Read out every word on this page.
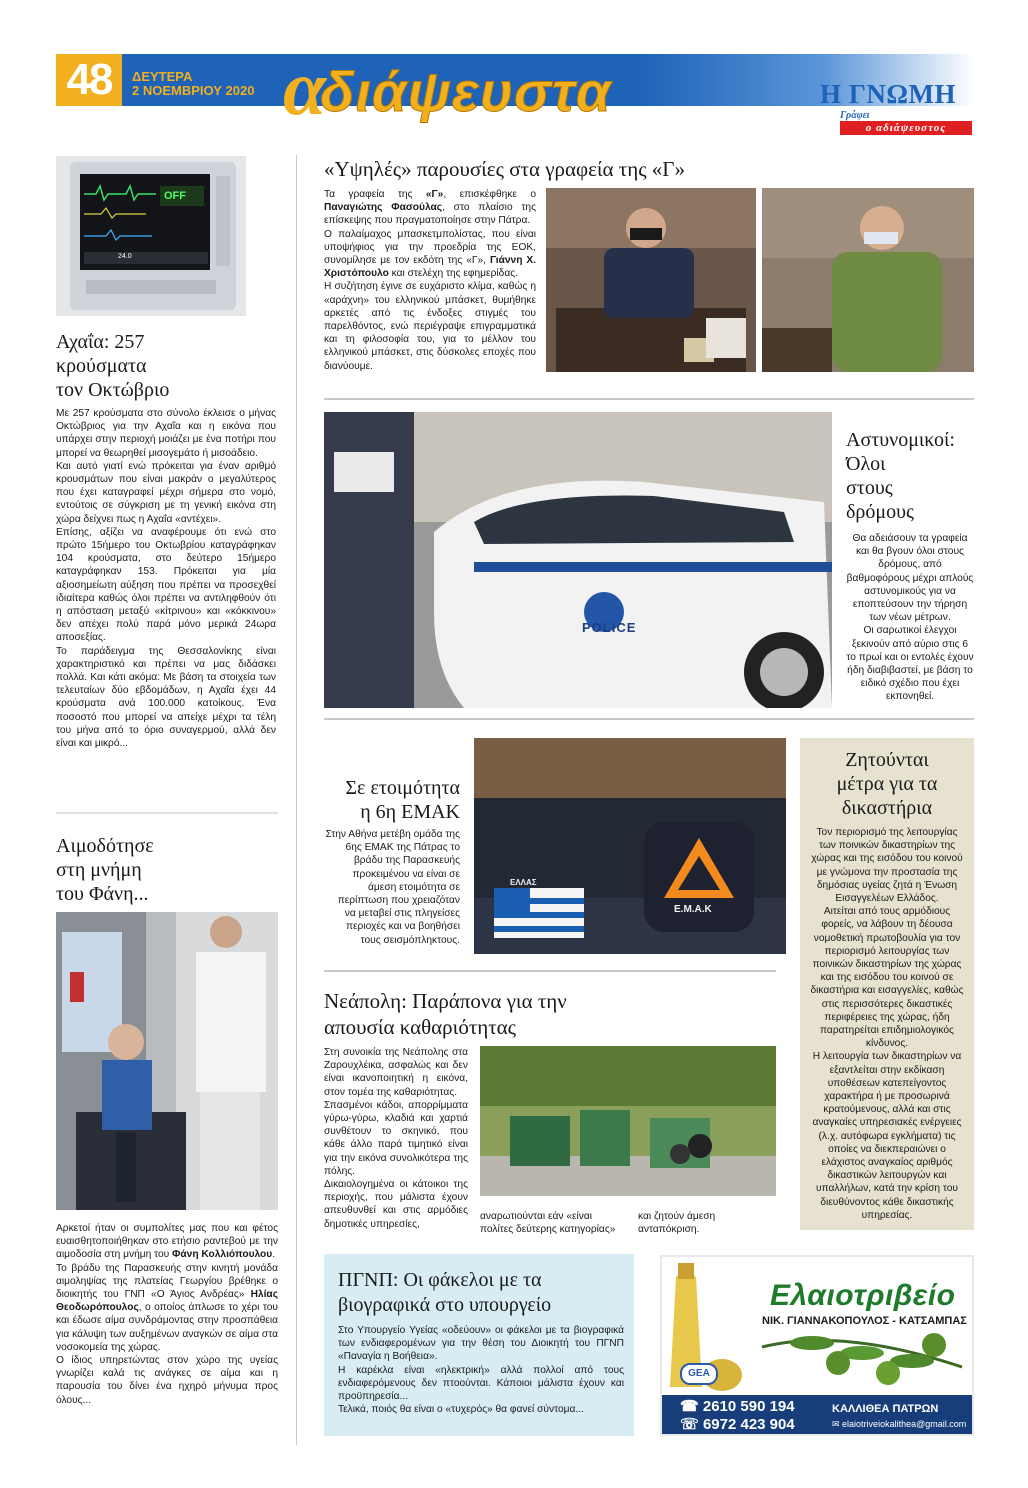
48	ΔΕΥΤΕΡΑ
2 ΝΟΕΜΒΡΙΟΥ 2020 α
διάψευστα	Η ΓΝΩΜΗ
Γράφει
ο αδιάψευστος
OFF
24.0
Αχαΐα: 257
κρούσματα
τον Οκτώβριο

Με 257 κρούσματα στο σύνολο έκλεισε ο μήνας Οκτώβριος για την Αχαΐα και η εικόνα που υπάρχει στην περιοχή μοιάζει με ένα ποτήρι που μπορεί να θεωρηθεί μισογεμάτο ή μισοάδειο.

Και αυτό γιατί ενώ πρόκειται για έναν αριθμό κρουσμάτων που είναι μακράν ο μεγαλύτερος που έχει καταγραφεί μέχρι σήμερα στο νομό, εντούτοις σε σύγκριση με τη γενική εικόνα στη χώρα δείχνει πως η Αχαΐα «αντέχει».

Επίσης, αξίζει να αναφέρουμε ότι ενώ στο πρώτο 15ήμερο του Οκτωβρίου καταγράφηκαν 104 κρούσματα, στο δεύτερο 15ήμερο καταγράφηκαν 153. Πρόκειται για μία αξιοσημείωτη αύξηση που πρέπει να προσεχθεί ιδιαίτερα καθώς όλοι πρέπει να αντιληφθούν ότι η απόσταση μεταξύ «κίτρινου» και «κόκκινου» δεν απέχει πολύ παρά μόνο μερικά 24ωρα αποσεξίας.

Το παράδειγμα της Θεσσαλονίκης είναι χαρακτηριστικό και πρέπει να μας διδάσκει πολλά. Και κάτι ακόμα: Με βάση τα στοιχεία των τελευταίων δύο εβδομάδων, η Αχαΐα έχει 44 κρούσματα ανά 100.000 κατοίκους. Ένα ποσοστό που μπορεί να απείχε μέχρι τα τέλη του μήνα από το όριο συναγερμού, αλλά δεν είναι και μικρό...

Αιμοδότησε
στη μνήμη
του Φάνη...

Αρκετοί ήταν οι συμπολίτες μας που και φέτος ευαισθητοποιήθηκαν στο ετήσιο ραντεβού με την αιμοδοσία στη μνήμη του Φάνη Κολλιόπουλου.

Το βράδυ της Παρασκευής στην κινητή μονάδα αιμοληψίας της πλατείας Γεωργίου βρέθηκε ο διοικητής του ΓΝΠ «Ο Άγιος Ανδρέας» Ηλίας Θεοδωρόπουλος, ο οποίος άπλωσε το χέρι του και έδωσε αίμα συνδράμοντας στην προσπάθεια για κάλυψη των αυξημένων αναγκών σε αίμα στα νοσοκομεία της χώρας.

Ο ίδιος υπηρετώντας στον χώρο της υγείας γνωρίζει καλά τις ανάγκες σε αίμα και η παρουσία του δίνει ένα ηχηρό μήνυμα προς όλους...

«Υψηλές» παρουσίες στα γραφεία της «Γ»

Τα γραφεία της «Γ», επισκέφθηκε ο Παναγιώτης Φασούλας, στο πλαίσιο της επίσκεψης που πραγματοποίησε στην Πάτρα.

Ο παλαίμαχος μπασκετμπολίστας, που είναι υποψήφιος για την προεδρία της ΕΟΚ, συνομίλησε με τον εκδότη της «Γ», Γιάννη Χ. Χριστόπουλο και στελέχη της εφημερίδας.

Η συζήτηση έγινε σε ευχάριστο κλίμα, καθώς η «αράχνη» του ελληνικού μπάσκετ, θυμήθηκε αρκετές από τις ένδοξες στιγμές του παρελθόντος, ενώ περιέγραψε επιγραμματικά και τη φιλοσοφία του, για το μέλλον του ελληνικού μπάσκετ, στις δύσκολες εποχές που διανύουμε.

POLICE
Αστυνομικοί:
Όλοι
στους
δρόμους

Θα αδειάσουν τα γραφεία και θα βγουν όλοι στους δρόμους, από βαθμοφόρους μέχρι απλούς αστυνομικούς για να εποπτεύσουν την τήρηση των νέων μέτρων.

Οι σαρωτικοί έλεγχοι ξεκινούν από αύριο στις 6 το πρωί και οι εντολές έχουν ήδη διαβιβαστεί, με βάση το ειδικό σχέδιο που έχει εκπονηθεί.

Σε ετοιμότητα
η 6η ΕΜΑΚ

Στην Αθήνα μετέβη ομάδα της 6ης ΕΜΑΚ της Πάτρας το βράδυ της Παρασκευής προκειμένου να είναι σε άμεση ετοιμότητα σε περίπτωση που χρειαζόταν να μεταβεί στις πληγείσες περιοχές και να βοηθήσει τους σεισμόπληκτους.

Ε.Μ.Α.Κ
ΕΛΛΑΣ
Ζητούνται
μέτρα για τα
δικαστήρια

Τον περιορισμό της λειτουργίας των ποινικών δικαστηρίων της χώρας και της εισόδου του κοινού με γνώμονα την προστασία της δημόσιας υγείας ζητά η Ένωση Εισαγγελέων Ελλάδος.

Αιτείται από τους αρμόδιους φορείς, να λάβουν τη δέουσα νομοθετική πρωτοβουλία για τον περιορισμό λειτουργίας των ποινικών δικαστηρίων της χώρας και της εισόδου του κοινού σε δικαστήρια και εισαγγελίες, καθώς στις περισσότερες δικαστικές περιφέρειες της χώρας, ήδη παρατηρείται επιδημιολογικός κίνδυνος.

Η λειτουργία των δικαστηρίων να εξαντλείται στην εκδίκαση υποθέσεων κατεπείγοντος χαρακτήρα ή με προσωρινά κρατούμενους, αλλά και στις αναγκαίες υπηρεσιακές ενέργειες (λ.χ. αυτόφωρα εγκλήματα) τις οποίες να διεκπεραιώνει ο ελάχιστος αναγκαίος αριθμός δικαστικών λειτουργών και υπαλλήλων, κατά την κρίση του διευθύνοντος κάθε δικαστικής υπηρεσίας.

Νεάπολη: Παράπονα για την
απουσία καθαριότητας

Στη συνοικία της Νεάπολης στα Ζαρουχλέικα, ασφαλώς και δεν είναι ικανοποιητική η εικόνα, στον τομέα της καθαριότητας.

Σπασμένοι κάδοι, απορρίμματα γύρω-γύρω, κλαδιά και χαρτιά συνθέτουν το σκηνικό, που κάθε άλλο παρά τιμητικό είναι για την εικόνα συνολικότερα της πόλης.

Δικαιολογημένα οι κάτοικοι της περιοχής, που μάλιστα έχουν απευθυνθεί και στις αρμόδιες δημοτικές υπηρεσίες,

αναρωτιούνται εάν «είναι πολίτες δεύτερης κατηγορίας»
και ζητούν άμεση ανταπόκριση.
ΠΓΝΠ: Οι φάκελοι με τα
βιογραφικά στο υπουργείο

Στο Υπουργείο Υγείας «οδεύουν» οι φάκελοι με τα βιογραφικά των ενδιαφερομένων για την θέση του Διοικητή του ΠΓΝΠ «Παναγία η Βοήθεια».

Η καρέκλα είναι «ηλεκτρική» αλλά πολλοί από τους ενδιαφερόμενους δεν πτοούνται. Κάποιοι μάλιστα έχουν και προϋπηρεσία...

Τελικά, ποιός θα είναι ο «τυχερός» θα φανεί σύντομα...

Ελαιοτριβείο
ΝΙΚ. ΓΙΑΝΝΑΚΟΠΟΥΛΟΣ - ΚΑΤΣΑΜΠΑΣ
GEA
☎ 2610 590 194
☏ 6972 423 904
ΚΑΛΛΙΘΕΑ ΠΑΤΡΩΝ
✉ elaiotriveiokalithea@gmail.com
